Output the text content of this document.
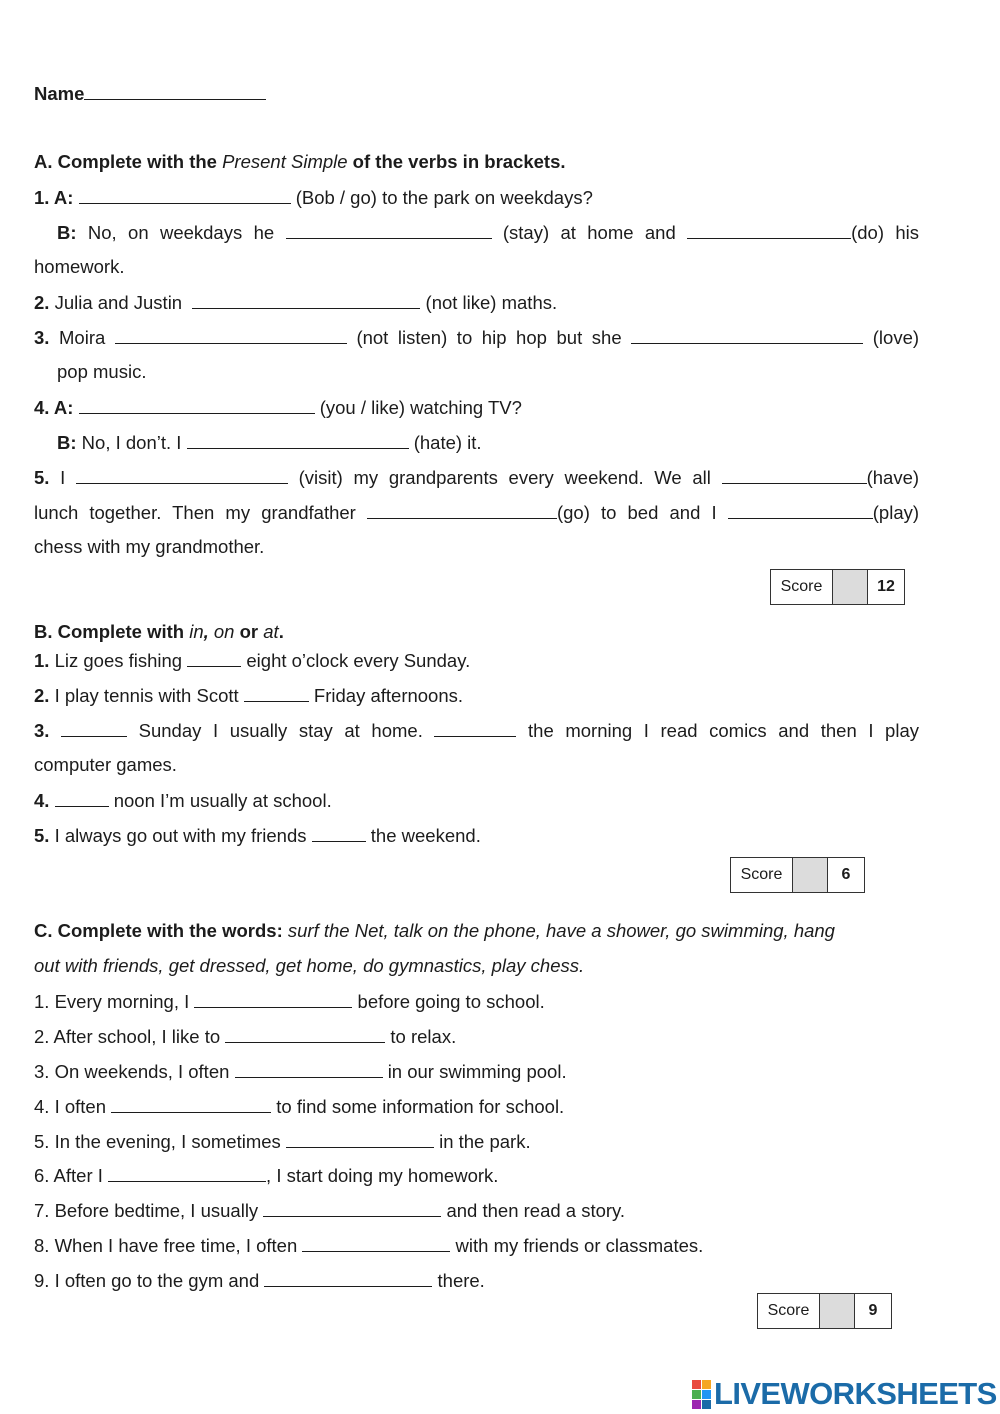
Name
A. Complete with the Present Simple of the verbs in brackets.
1. A:	(Bob / go) to the park on weekdays?
B: No, on weekdays he	(stay) at home and	(do) his
homework.
2. Julia and Justin	(not like) maths.
3. Moira	(not listen) to hip hop but she	(love)
pop music.
4. A:	(you / like) watching TV?
B: No, I don’t. I	(hate) it.
5. I	(visit) my grandparents every weekend. We all	(have)
lunch together. Then my grandfather	(go) to bed and I	(play)
chess with my grandmother.
Score	12
B. Complete with in, on or at.
1. Liz goes fishing	eight o’clock every Sunday.
2. I play tennis with Scott	Friday afternoons.
3.	Sunday I usually stay at home.	the morning I read comics and then I play
computer games.
4.	noon I’m usually at school.
5. I always go out with my friends	the weekend.
Score	6
C. Complete with the words: surf the Net, talk on the phone, have a shower, go swimming, hang
out with friends, get dressed, get home, do gymnastics, play chess.
1. Every morning, I	before going to school.
2. After school, I like to	to relax.
3. On weekends, I often	in our swimming pool.
4. I often	to find some information for school.
5. In the evening, I sometimes	in the park.
6. After I	, I start doing my homework.
7. Before bedtime, I usually	and then read a story.
8. When I have free time, I often	with my friends or classmates.
9. I often go to the gym and	there.
Score	9
LIVEWORKSHEETS
